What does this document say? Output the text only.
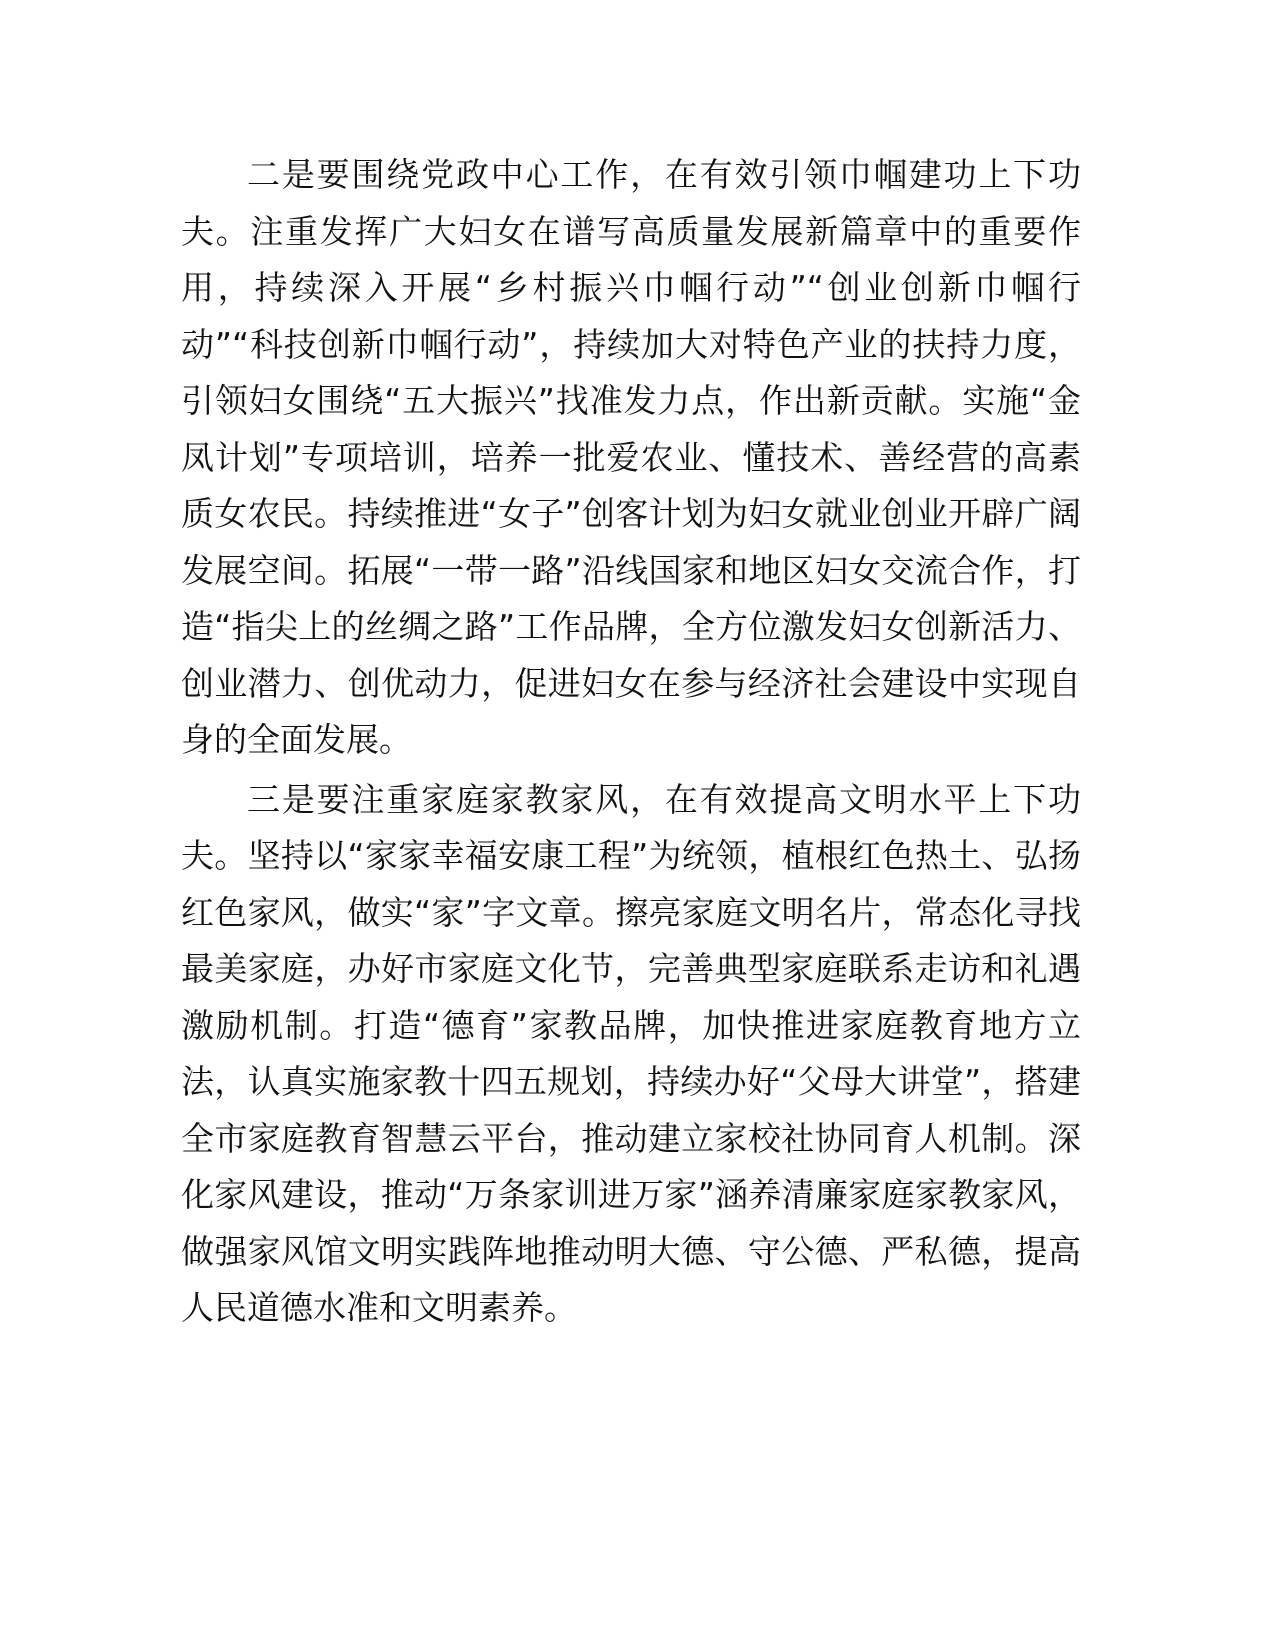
二是要围绕党政中心工作，在有效引领巾帼建功上下功夫。注重发挥广大妇女在谱写高质量发展新篇章中的重要作用，持续深入开展“乡村振兴巾帼行动”“创业创新巾帼行动”“科技创新巾帼行动”，持续加大对特色产业的扶持力度，引领妇女围绕“五大振兴”找准发力点，作出新贡献。实施“金凤计划”专项培训，培养一批爱农业、懂技术、善经营的高素质女农民。持续推进“女子”创客计划为妇女就业创业开辟广阔发展空间。拓展“一带一路”沿线国家和地区妇女交流合作，打造“指尖上的丝绸之路”工作品牌，全方位激发妇女创新活力、创业潜力、创优动力，促进妇女在参与经济社会建设中实现自身的全面发展。

三是要注重家庭家教家风，在有效提高文明水平上下功夫。坚持以“家家幸福安康工程”为统领，植根红色热土、弘扬红色家风，做实“家”字文章。擦亮家庭文明名片，常态化寻找最美家庭，办好市家庭文化节，完善典型家庭联系走访和礼遇激励机制。打造“德育”家教品牌，加快推进家庭教育地方立法，认真实施家教十四五规划，持续办好“父母大讲堂”，搭建全市家庭教育智慧云平台，推动建立家校社协同育人机制。深化家风建设，推动“万条家训进万家”涵养清廉家庭家教家风，做强家风馆文明实践阵地推动明大德、守公德、严私德，提高人民道德水准和文明素养。
